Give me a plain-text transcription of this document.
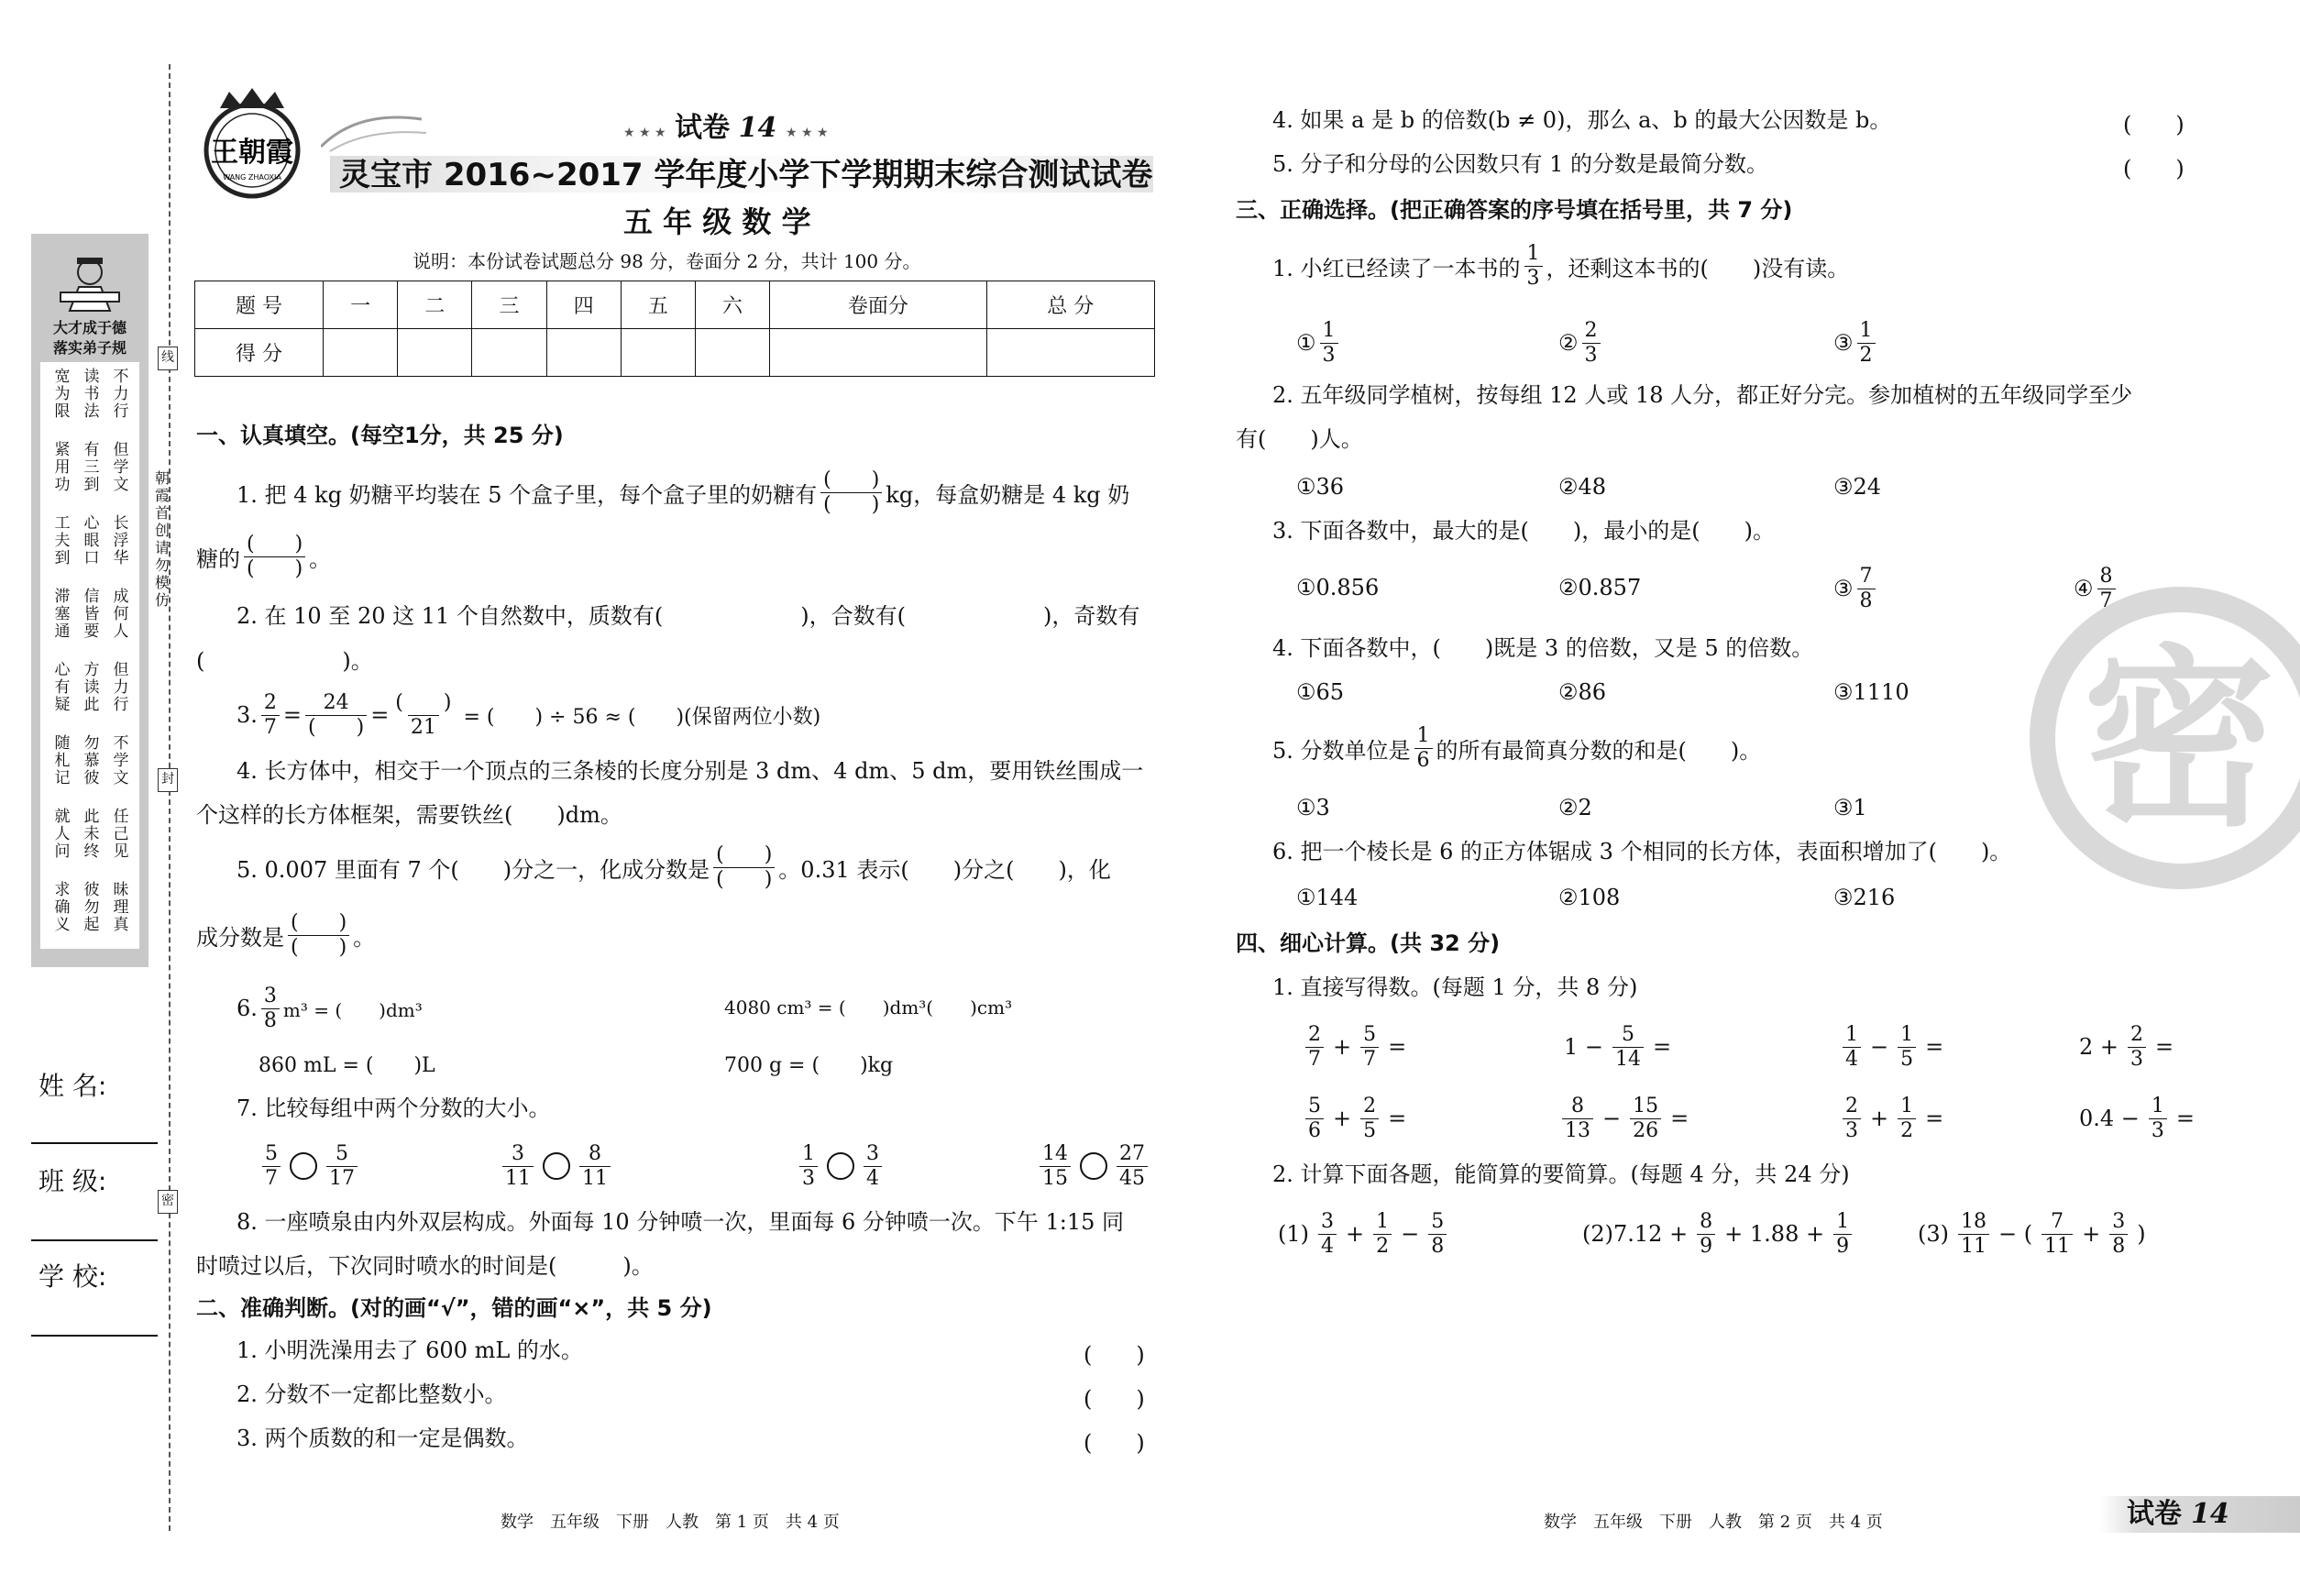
大才成于德
落实弟子规
宽为限
读书法
不力行
紧用功
有三到
但学文
工夫到
心眼口
长浮华
滞塞通
信皆要
成何人
心有疑
方读此
但力行
随札记
勿慕彼
不学文
就人问
此未终
任己见
求确义
彼勿起
昧理真
朝霞首创 请勿模仿
线
封
密
姓 名:
班 级:
学 校:
王朝霞
WANG ZHAOXIA
★ ★ ★ 试卷 14 ★ ★ ★
灵宝市 2016~2017 学年度小学下学期期末综合测试试卷
五 年 级 数 学
说明：本份试卷试题总分 98 分，卷面分 2 分，共计 100 分。
题 号	一	二	三	四	五	六	卷面分	总 分
得 分								
一、认真填空。(每空1分，共 25 分)
1. 把 4 kg 奶糖平均装在 5 个盒子里，每个盒子里的奶糖有
(　　)
(　　) kg，每盒奶糖是 4 kg 奶
糖的
(　　)
(　　) 。
2. 在 10 至 20 这 11 个自然数中，质数有(	)，合数有(	)，奇数有
(	)。
3. $\frac{2}{7} = 24$
(　　) = (　　)
21 = (　　) ÷ 56 ≈ (　　)(保留两位小数)
4. 长方体中，相交于一个顶点的三条棱的长度分别是 3 dm、4 dm、5 dm，要用铁丝围成一
个这样的长方体框架，需要铁丝(　　)dm。
5. 0.007 里面有 7 个(　　)分之一，化成分数是
(　　)
(　　) 。0.31 表示(　　)分之(　　)，化
成分数是
(　　)
(　　) 。
6. 3
8 m³ = (　　)dm³	4080 cm³ = (　　)dm³(　　)cm³
860 mL = (　　)L	700 g = (　　)kg
7. 比较每组中两个分数的大小。
$\frac{5}{7} \frac{5}{17}$	$\frac{3}{11} \frac{8}{11}$	$\frac{1}{3} \frac{3}{4}$	$\frac{14}{15} \frac{27}{45}$
8. 一座喷泉由内外双层构成。外面每 10 分钟喷一次，里面每 6 分钟喷一次。下午 1:15 同
时喷过以后，下次同时喷水的时间是(　　　)。
二、准确判断。(对的画“√”，错的画“×”，共 5 分)
1. 小明洗澡用去了 600 mL 的水。	(　　)
2. 分数不一定都比整数小。	(　　)
3. 两个质数的和一定是偶数。	(　　)
4. 如果 a 是 b 的倍数(b ≠ 0)，那么 a、b 的最大公因数是 b。	(　　)
5. 分子和分母的公因数只有 1 的分数是最简分数。	(　　)
三、正确选择。(把正确答案的序号填在括号里，共 7 分)
1. 小红已经读了一本书的
1
3 ，还剩这本书的(　　)没有读。
① $\frac{1}{3}$	② $\frac{2}{3}$	③ $\frac{1}{2}$
2. 五年级同学植树，按每组 12 人或 18 人分，都正好分完。参加植树的五年级同学至少
有(　　)人。
①36	②48	③24
3. 下面各数中，最大的是(　　)，最小的是(　　)。
①0.856	②0.857	③ $\frac{7}{8}$	④ $\frac{8}{7}$
4. 下面各数中，(　　)既是 3 的倍数，又是 5 的倍数。
①65	②86	③1110
5. 分数单位是
1
6 的所有最简真分数的和是(　　)。
①3	②2	③1
6. 把一个棱长是 6 的正方体锯成 3 个相同的长方体，表面积增加了(　　)。
①144	②108	③216
四、细心计算。(共 32 分)
1. 直接写得数。(每题 1 分，共 8 分)
$\frac{2}{7} + \frac{5}{7}$ =	$1 - \frac{5}{14}$ =	$\frac{1}{4} - \frac{1}{5}$ =	$2 + \frac{2}{3}$ =
$\frac{5}{6} + \frac{2}{5}$ =	$\frac{8}{13} - \frac{15}{26}$ =	$\frac{2}{3} + \frac{1}{2}$ =	$0.4 - \frac{1}{3}$ =
2. 计算下面各题，能简算的要简算。(每题 4 分，共 24 分)
$(1) \frac{3}{4} + \frac{1}{2} - \frac{5}{8}$	$(2)7.12 + \frac{8}{9} + 1.88 + \frac{1}{9}$	$(3) \frac{18}{11}$ − ( $\frac{7}{11} + \frac{3}{8}$ )
密
数学　五年级　下册　人教　第 1 页　共 4 页	数学　五年级　下册　人教　第 2 页　共 4 页	试卷 14
